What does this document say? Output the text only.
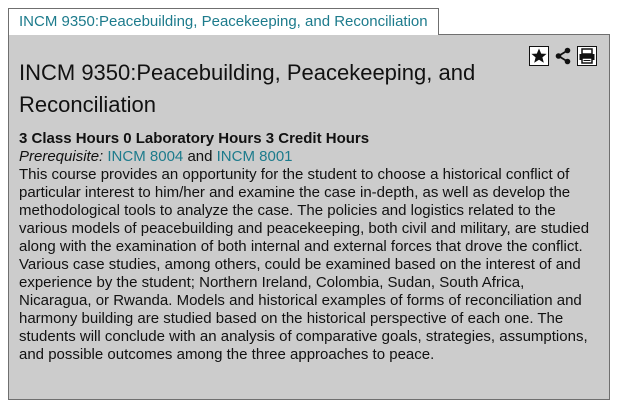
INCM 9350:Peacebuilding, Peacekeeping, and Reconciliation
INCM 9350:Peacebuilding, Peacekeeping, and Reconciliation
3 Class Hours 0 Laboratory Hours 3 Credit Hours
Prerequisite: INCM 8004 and INCM 8001

This course provides an opportunity for the student to choose a historical conflict of particular interest to him/her and examine the case in-depth, as well as develop the methodological tools to analyze the case. The policies and logistics related to the various models of peacebuilding and peacekeeping, both civil and military, are studied along with the examination of both internal and external forces that drove the conflict. Various case studies, among others, could be examined based on the interest of and experience by the student; Northern Ireland, Colombia, Sudan, South Africa, Nicaragua, or Rwanda. Models and historical examples of forms of reconciliation and harmony building are studied based on the historical perspective of each one. The students will conclude with an analysis of comparative goals, strategies, assumptions, and possible outcomes among the three approaches to peace.
